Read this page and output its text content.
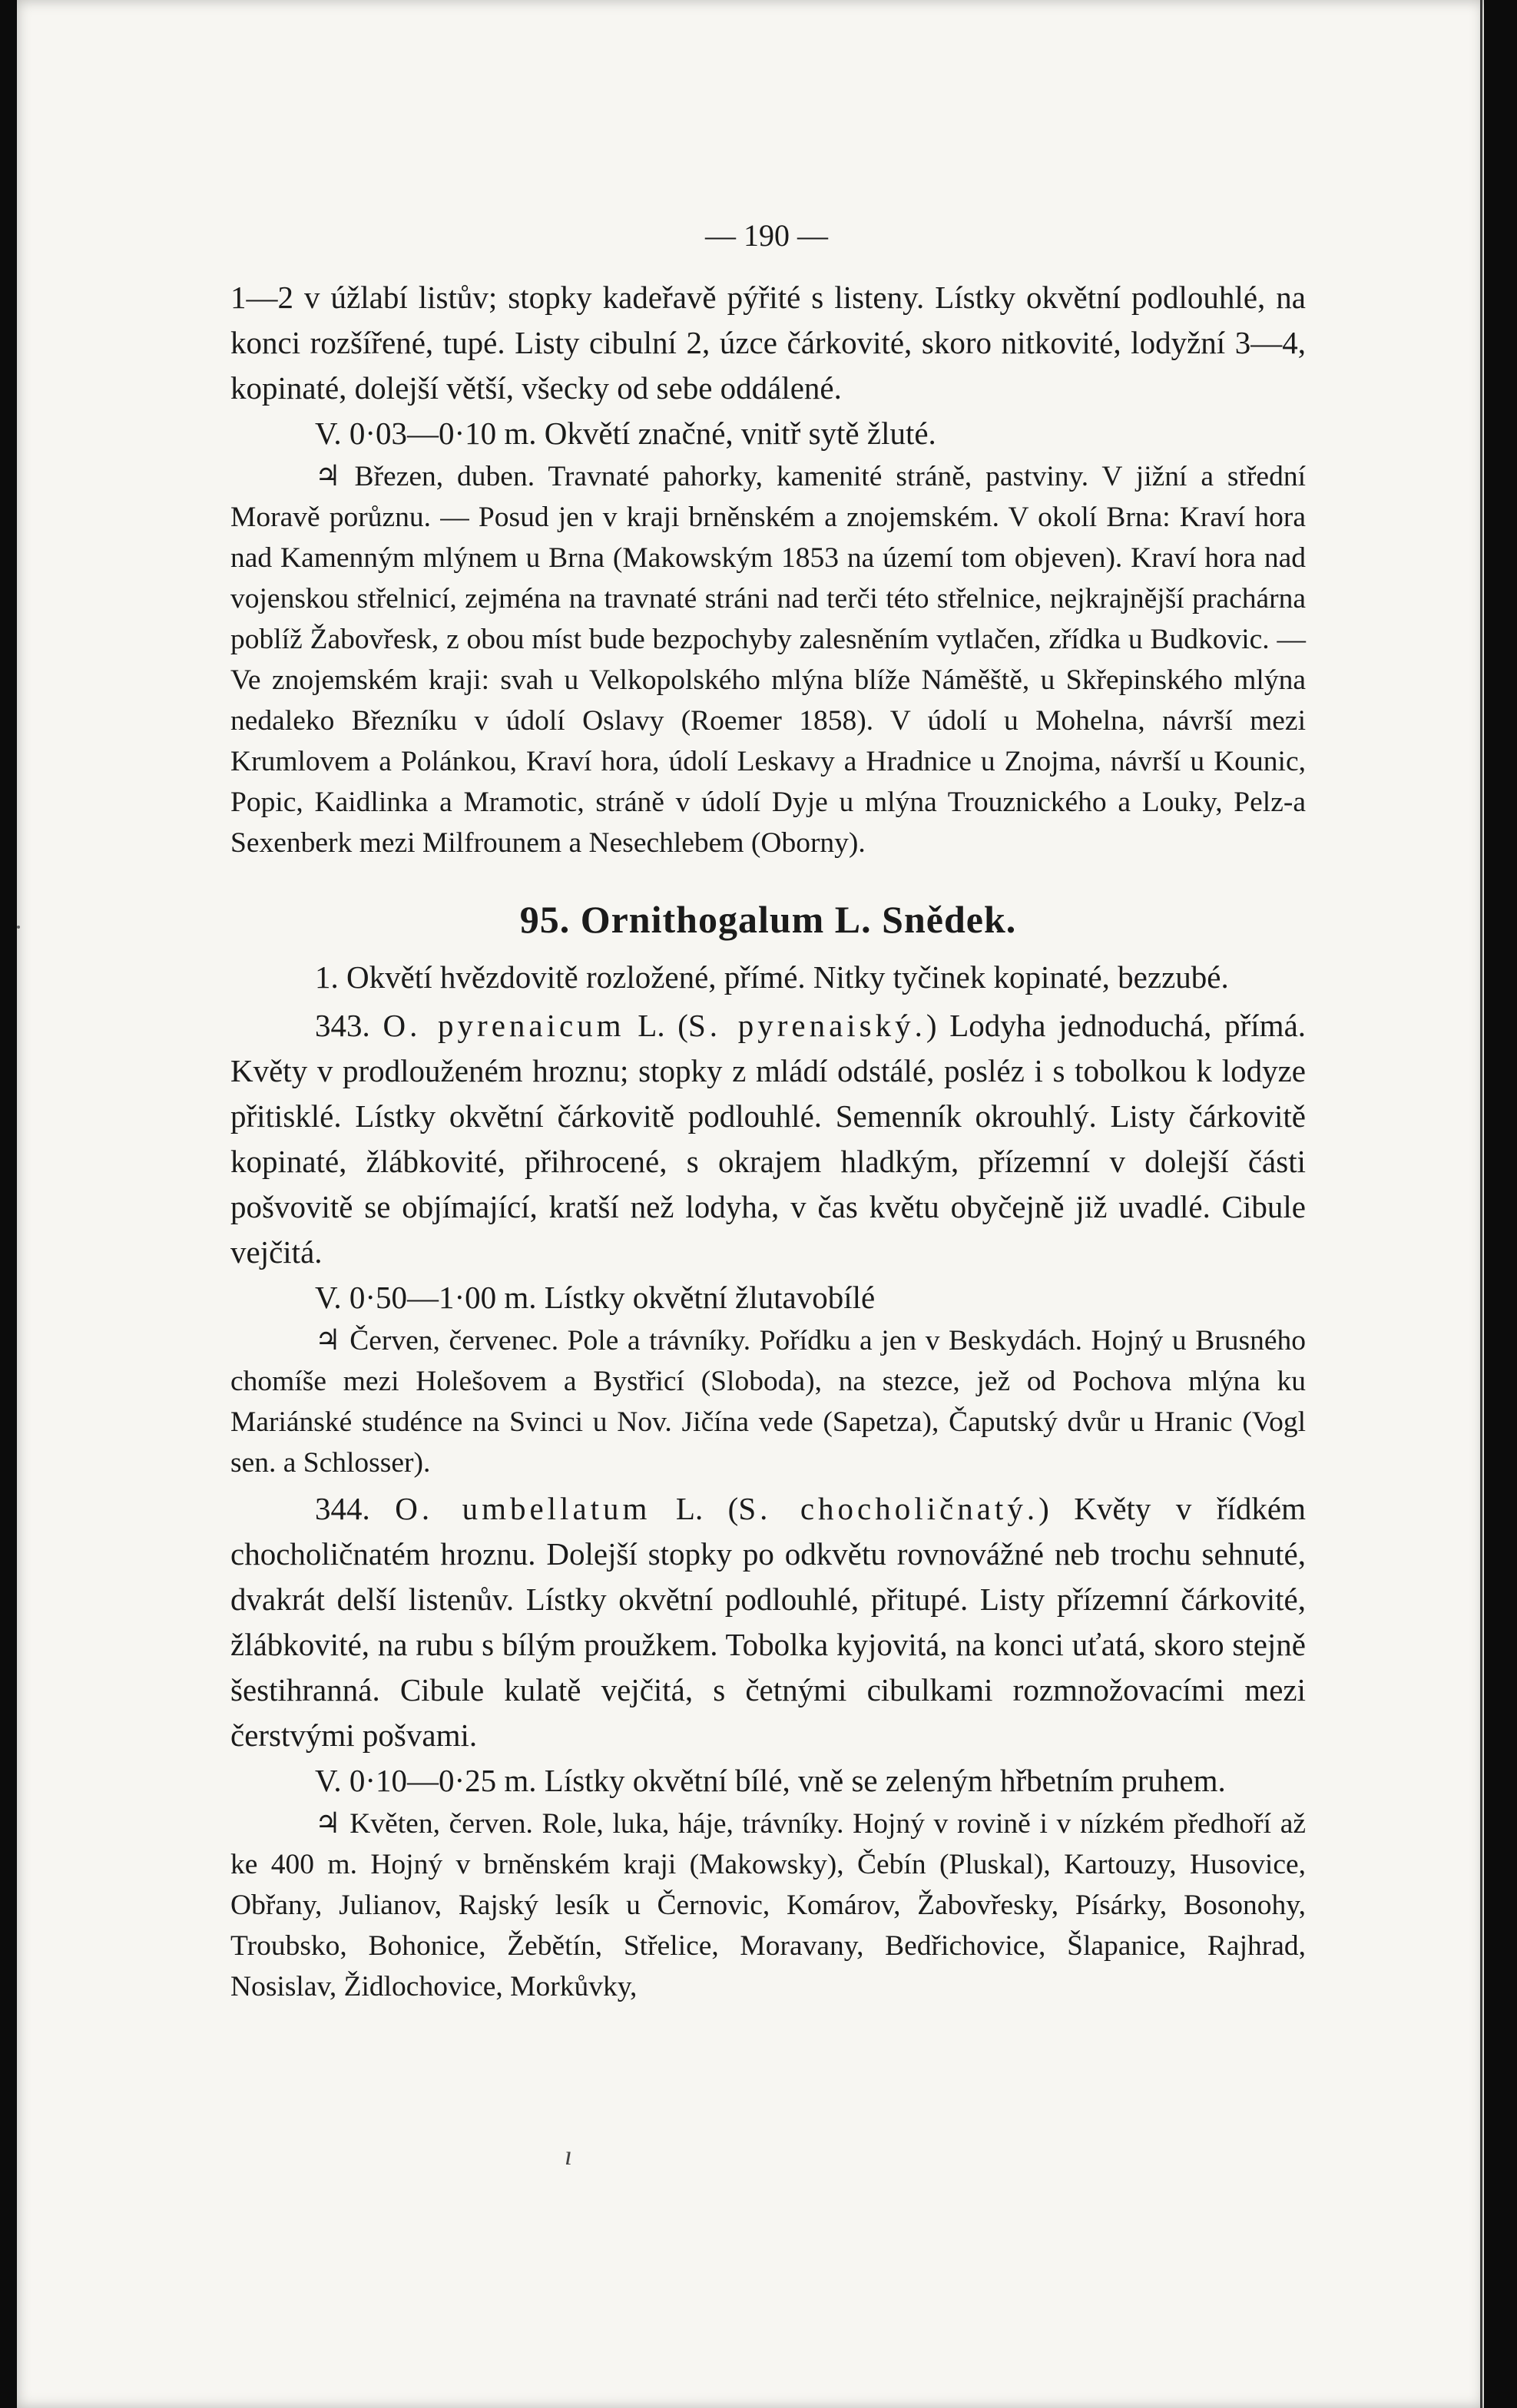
— 190 —

1—2 v úžlabí listův; stopky kadeřavě pýřité s listeny. Lístky okvětní podlouhlé, na konci rozšířené, tupé. Listy cibulní 2, úzce čárkovité, skoro nitkovité, lodyžní 3—4, kopinaté, dolejší větší, všecky od sebe oddálené.

V. 0·03—0·10 m. Okvětí značné, vnitř sytě žluté.

♃ Březen, duben. Travnaté pahorky, kamenité stráně, pastviny. V jižní a střední Moravě porůznu. — Posud jen v kraji brněnském a znojemském. V okolí Brna: Kraví hora nad Kamenným mlýnem u Brna (Makowským 1853 na území tom objeven). Kraví hora nad vojenskou střelnicí, zejména na travnaté stráni nad terči této střelnice, nejkrajnější prachárna poblíž Žabovřesk, z obou míst bude bezpochyby zalesněním vytlačen, zřídka u Budkovic. — Ve znojemském kraji: svah u Velkopolského mlýna blíže Náměště, u Skřepinského mlýna nedaleko Březníku v údolí Oslavy (Roemer 1858). V údolí u Mohelna, návrší mezi Krumlovem a Polánkou, Kraví hora, údolí Leskavy a Hradnice u Znojma, návrší u Kounic, Popic, Kaidlinka a Mramotic, stráně v údolí Dyje u mlýna Trouznického a Louky, Pelz-a Sexenberk mezi Milfrounem a Nesechlebem (Oborny).

95. Ornithogalum L. Snědek.

1. Okvětí hvězdovitě rozložené, přímé. Nitky tyčinek kopinaté, bezzubé.

343. O. pyrenaicum L. (S. pyrenaiský.) Lodyha jednoduchá, přímá. Květy v prodlouženém hroznu; stopky z mládí odstálé, posléz i s tobolkou k lodyze přitisklé. Lístky okvětní čárkovitě podlouhlé. Semenník okrouhlý. Listy čárkovitě kopinaté, žlábkovité, přihrocené, s okrajem hladkým, přízemní v dolejší části pošvovitě se objímající, kratší než lodyha, v čas květu obyčejně již uvadlé. Cibule vejčitá.

V. 0·50—1·00 m. Lístky okvětní žlutavobílé

♃ Červen, červenec. Pole a trávníky. Pořídku a jen v Beskydách. Hojný u Brusného chomíše mezi Holešovem a Bystřicí (Sloboda), na stezce, jež od Pochova mlýna ku Mariánské studénce na Svinci u Nov. Jičína vede (Sapetza), Čaputský dvůr u Hranic (Vogl sen. a Schlosser).

344. O. umbellatum L. (S. chocholičnatý.) Květy v řídkém chocholičnatém hroznu. Dolejší stopky po odkvětu rovnovážné neb trochu sehnuté, dvakrát delší listenův. Lístky okvětní podlouhlé, přitupé. Listy přízemní čárkovité, žlábkovité, na rubu s bílým proužkem. Tobolka kyjovitá, na konci uťatá, skoro stejně šestihranná. Cibule kulatě vejčitá, s četnými cibulkami rozmnožovacími mezi čerstvými pošvami.

V. 0·10—0·25 m. Lístky okvětní bílé, vně se zeleným hřbetním pruhem.

♃ Květen, červen. Role, luka, háje, trávníky. Hojný v rovině i v nízkém předhoří až ke 400 m. Hojný v brněnském kraji (Makowsky), Čebín (Pluskal), Kartouzy, Husovice, Obřany, Julianov, Rajský lesík u Černovic, Komárov, Žabovřesky, Písárky, Bosonohy, Troubsko, Bohonice, Žebětín, Střelice, Moravany, Bedřichovice, Šlapanice, Rajhrad, Nosislav, Židlochovice, Morkůvky,

ı
